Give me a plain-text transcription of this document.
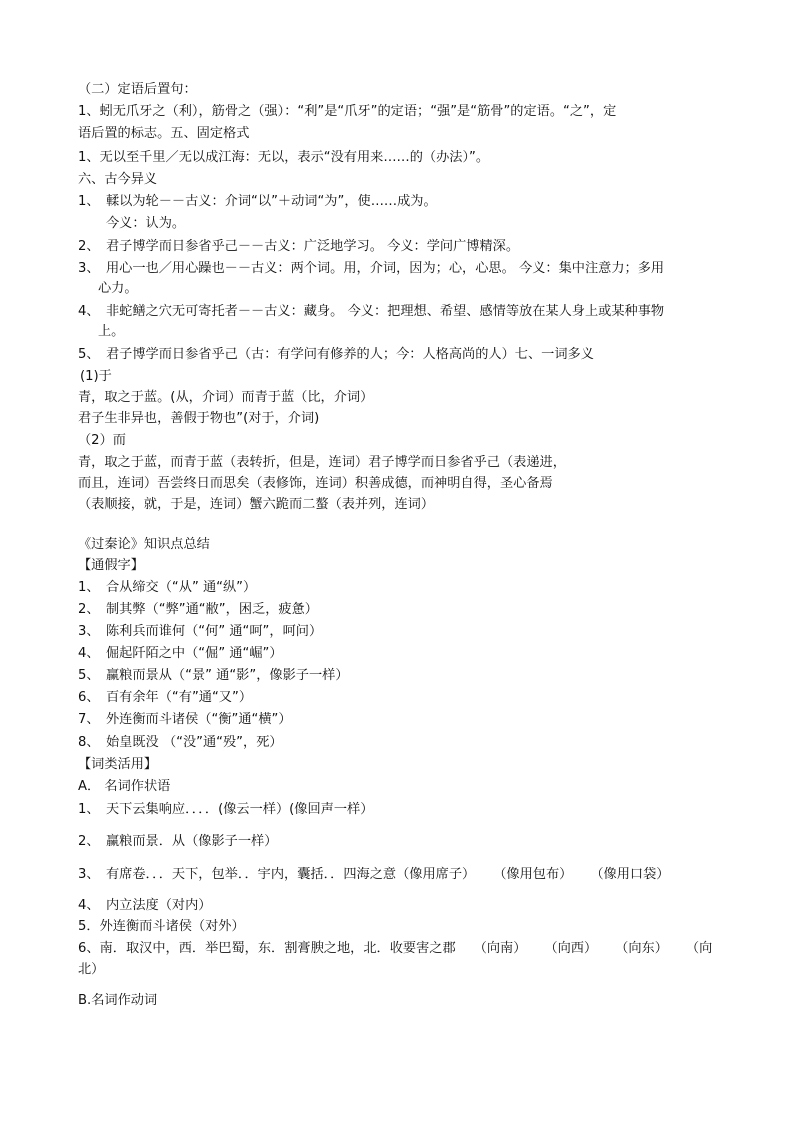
（二）定语后置句：
1、蚓无爪牙之（利），筋骨之（强）：“利”是“爪牙”的定语；“强”是“筋骨”的定语。“之”，定
语后置的标志。五、固定格式
1、无以至千里／无以成江海：无以，表示“没有用来……的（办法）”。
六、古今异义
1、 輮以为轮－－古义：介词“以”＋动词“为”，使……成为。
今义：认为。
2、 君子博学而日参省乎己－－古义：广泛地学习。 今义：学问广博精深。
3、 用心一也／用心躁也－－古义：两个词。用，介词，因为；心，心思。 今义：集中注意力；多用
心力。
4、 非蛇鳝之穴无可寄托者－－古义：藏身。 今义：把理想、希望、感情等放在某人身上或某种事物
上。
5、 君子博学而日参省乎己（古：有学问有修养的人；今：人格高尚的人）七、一词多义
(1)于
青，取之于蓝。(从，介词）而青于蓝（比，介词）
君子生非异也，善假于物也”(对于，介词)
（2）而
青，取之于蓝，而青于蓝（表转折，但是，连词）君子博学而日参省乎己（表递进，
而且，连词）吾尝终日而思矣（表修饰，连词）积善成德，而神明自得，圣心备焉
（表顺接，就，于是，连词）蟹六跪而二螯（表并列，连词）
《过秦论》知识点总结
【通假字】
1、 合从缔交（“从” 通“纵”）
2、 制其弊（“弊”通“敝”，困乏，疲惫）
3、 陈利兵而谁何（“何” 通“呵”，呵问）
4、 倔起阡陌之中（“倔” 通“崛”）
5、 赢粮而景从（“景” 通“影”，像影子一样）
6、 百有余年（“有”通“又”）
7、 外连衡而斗诸侯（“衡”通“横”）
8、 始皇既没 （“没”通“殁”，死）
【词类活用】
A． 名词作状语
1、 天下云集响应．．．．(像云一样）(像回声一样）
2、 赢粮而景．从（像影子一样）
3、 有席卷．．．天下，包举．．宇内，囊括．．四海之意（像用席子） （像用包布） （像用口袋）
4、 内立法度（对内）
5．外连衡而斗诸侯（对外）
6、南．取汉中，西．举巴蜀，东．割膏腴之地，北．收要害之郡 （向南） （向西） （向东） （向
北）
B.名词作动词
